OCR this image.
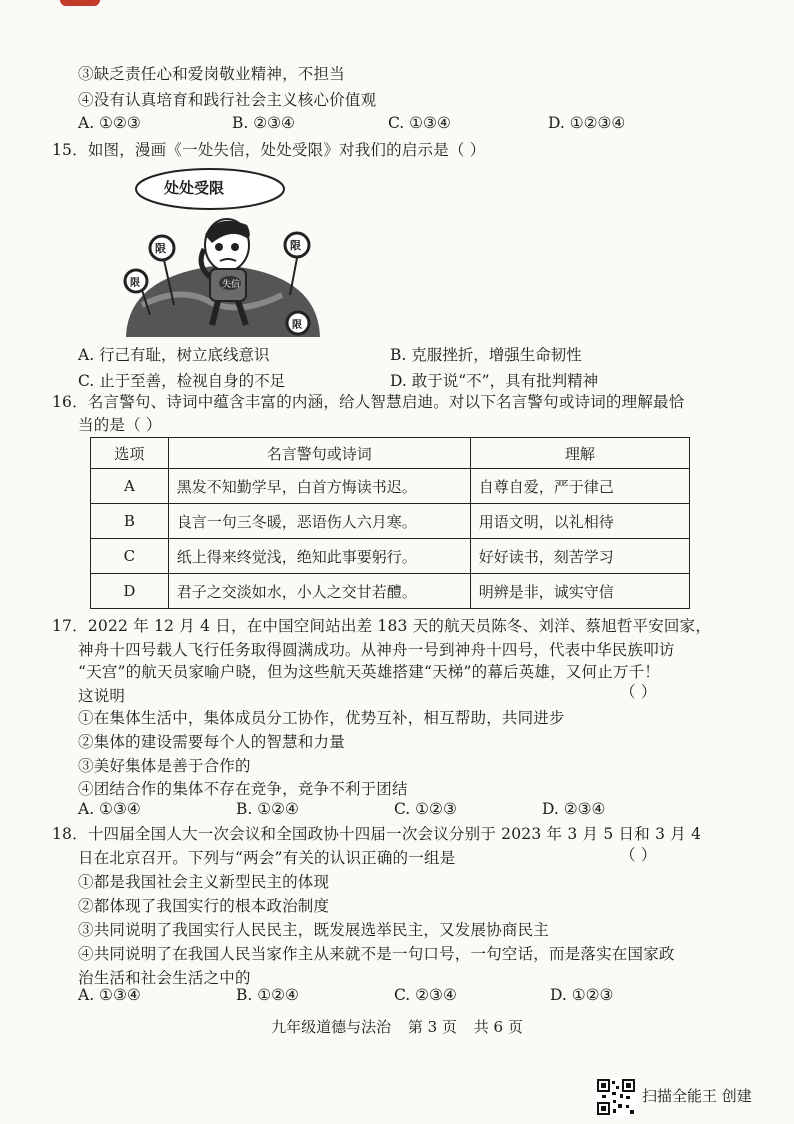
③缺乏责任心和爱岗敬业精神，不担当
④没有认真培育和践行社会主义核心价值观
A. ①②③	B. ②③④	C. ①③④	D. ①②③④
15．如图，漫画《一处失信，处处受限》对我们的启示是（ ）
处处受限
限	限
限
限
失信
A. 行己有耻，树立底线意识	B. 克服挫折，增强生命韧性
C. 止于至善，检视自身的不足	D. 敢于说“不”，具有批判精神
16．名言警句、诗词中蕴含丰富的内涵，给人智慧启迪。对以下名言警句或诗词的理解最恰
当的是（ ）
选项	名言警句或诗词	理解
A	黑发不知勤学早，白首方悔读书迟。	自尊自爱，严于律己
B	良言一句三冬暖，恶语伤人六月寒。	用语文明，以礼相待
C	纸上得来终觉浅，绝知此事要躬行。	好好读书，刻苦学习
D	君子之交淡如水，小人之交甘若醴。	明辨是非，诚实守信
17．2022 年 12 月 4 日，在中国空间站出差 183 天的航天员陈冬、刘洋、蔡旭哲平安回家，
神舟十四号载人飞行任务取得圆满成功。从神舟一号到神舟十四号，代表中华民族叩访
“天宫”的航天员家喻户晓，但为这些航天英雄搭建“天梯”的幕后英雄，又何止万千！
这说明	（ ）
①在集体生活中，集体成员分工协作，优势互补，相互帮助，共同进步
②集体的建设需要每个人的智慧和力量
③美好集体是善于合作的
④团结合作的集体不存在竞争，竞争不利于团结
A. ①③④	B. ①②④	C. ①②③	D. ②③④
18．十四届全国人大一次会议和全国政协十四届一次会议分别于 2023 年 3 月 5 日和 3 月 4
日在北京召开。下列与“两会”有关的认识正确的一组是	（ ）
①都是我国社会主义新型民主的体现
②都体现了我国实行的根本政治制度
③共同说明了我国实行人民民主，既发展选举民主，又发展协商民主
④共同说明了在我国人民当家作主从来就不是一句口号，一句空话，而是落实在国家政
治生活和社会生活之中的
A. ①③④	B. ①②④	C. ②③④	D. ①②③
九年级道德与法治 第 3 页 共 6 页
扫描全能王 创建
